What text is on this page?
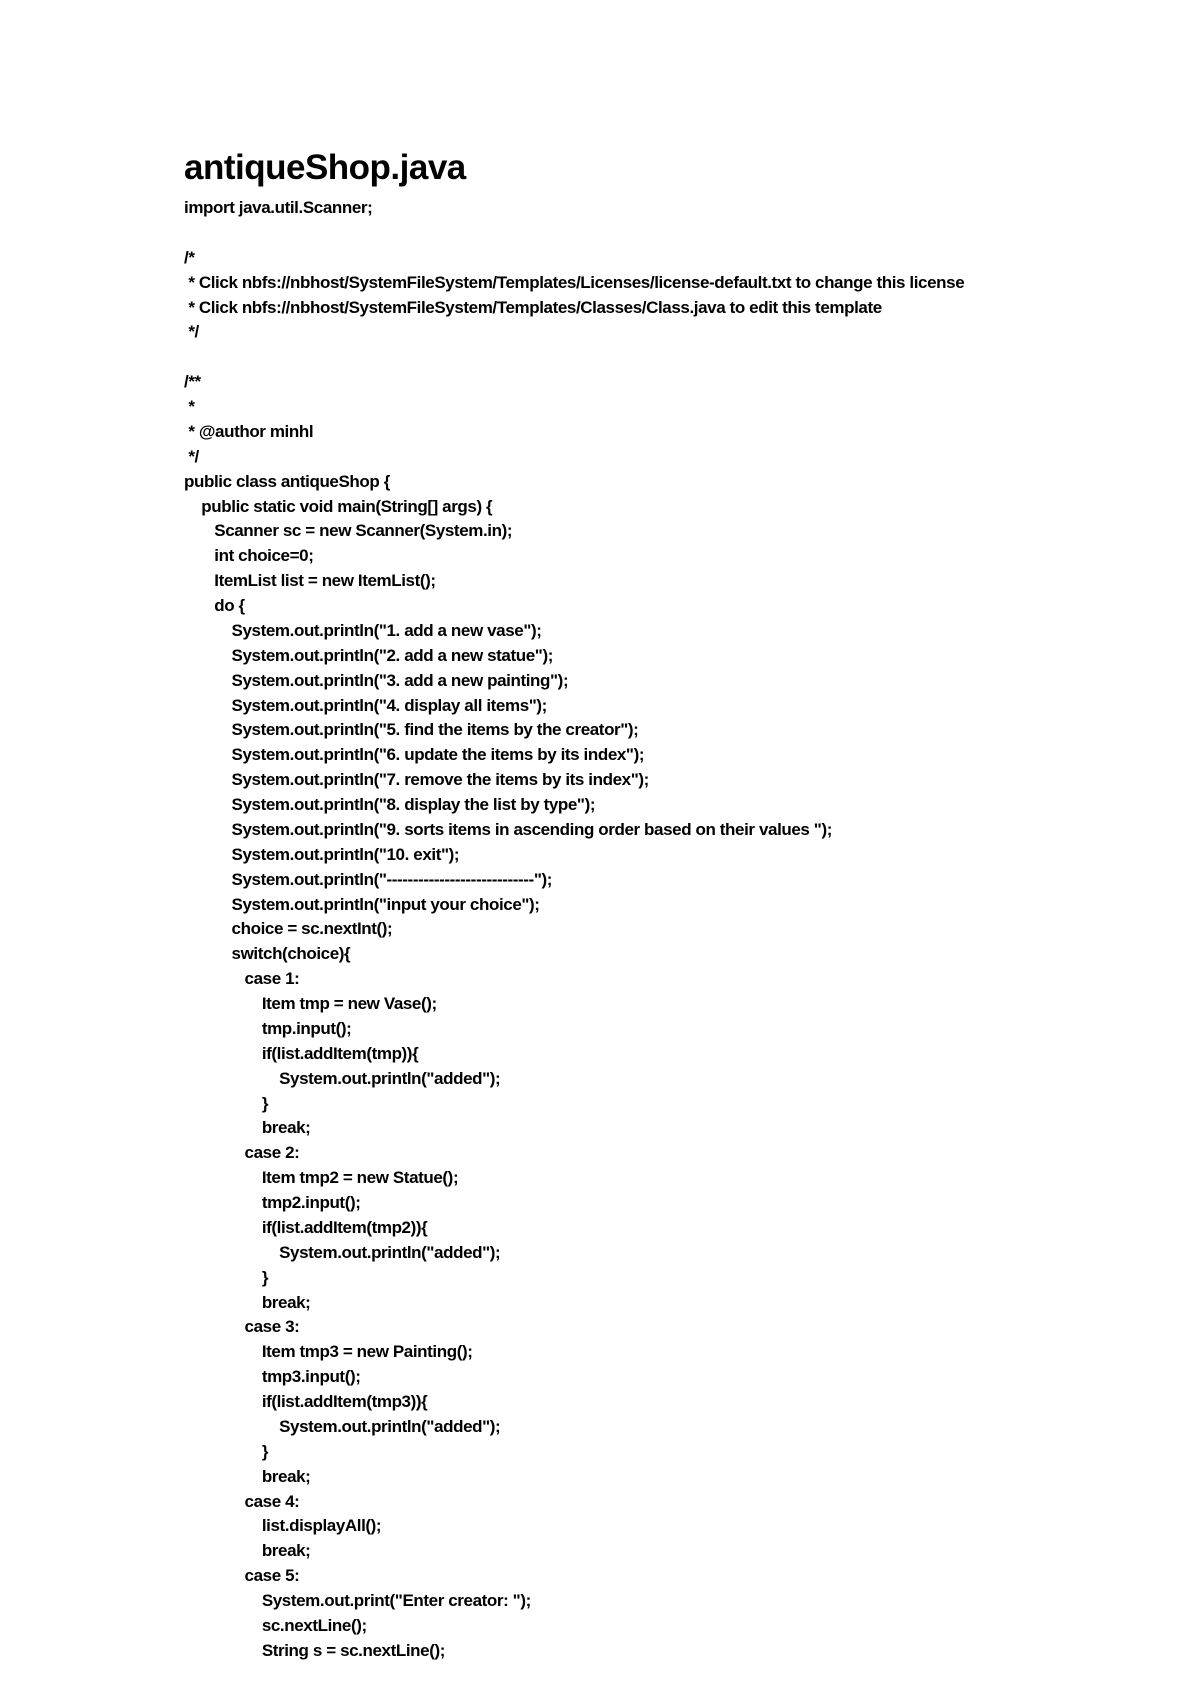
antiqueShop.java
import java.util.Scanner;
/*
* Click nbfs://nbhost/SystemFileSystem/Templates/Licenses/license-default.txt to change this license
* Click nbfs://nbhost/SystemFileSystem/Templates/Classes/Class.java to edit this template
*/
/**
*
* @author minhl
*/
public class antiqueShop {
public static void main(String[] args) {
Scanner sc = new Scanner(System.in);
int choice=0;
ItemList list = new ItemList();
do {
System.out.println("1. add a new vase");
System.out.println("2. add a new statue");
System.out.println("3. add a new painting");
System.out.println("4. display all items");
System.out.println("5. find the items by the creator");
System.out.println("6. update the items by its index");
System.out.println("7. remove the items by its index");
System.out.println("8. display the list by type");
System.out.println("9. sorts items in ascending order based on their values ");
System.out.println("10. exit");
System.out.println("----------------------------");
System.out.println("input your choice");
choice = sc.nextInt();
switch(choice){
case 1:
Item tmp = new Vase();
tmp.input();
if(list.addItem(tmp)){
System.out.println("added");
}
break;
case 2:
Item tmp2 = new Statue();
tmp2.input();
if(list.addItem(tmp2)){
System.out.println("added");
}
break;
case 3:
Item tmp3 = new Painting();
tmp3.input();
if(list.addItem(tmp3)){
System.out.println("added");
}
break;
case 4:
list.displayAll();
break;
case 5:
System.out.print("Enter creator: ");
sc.nextLine();
String s = sc.nextLine();
